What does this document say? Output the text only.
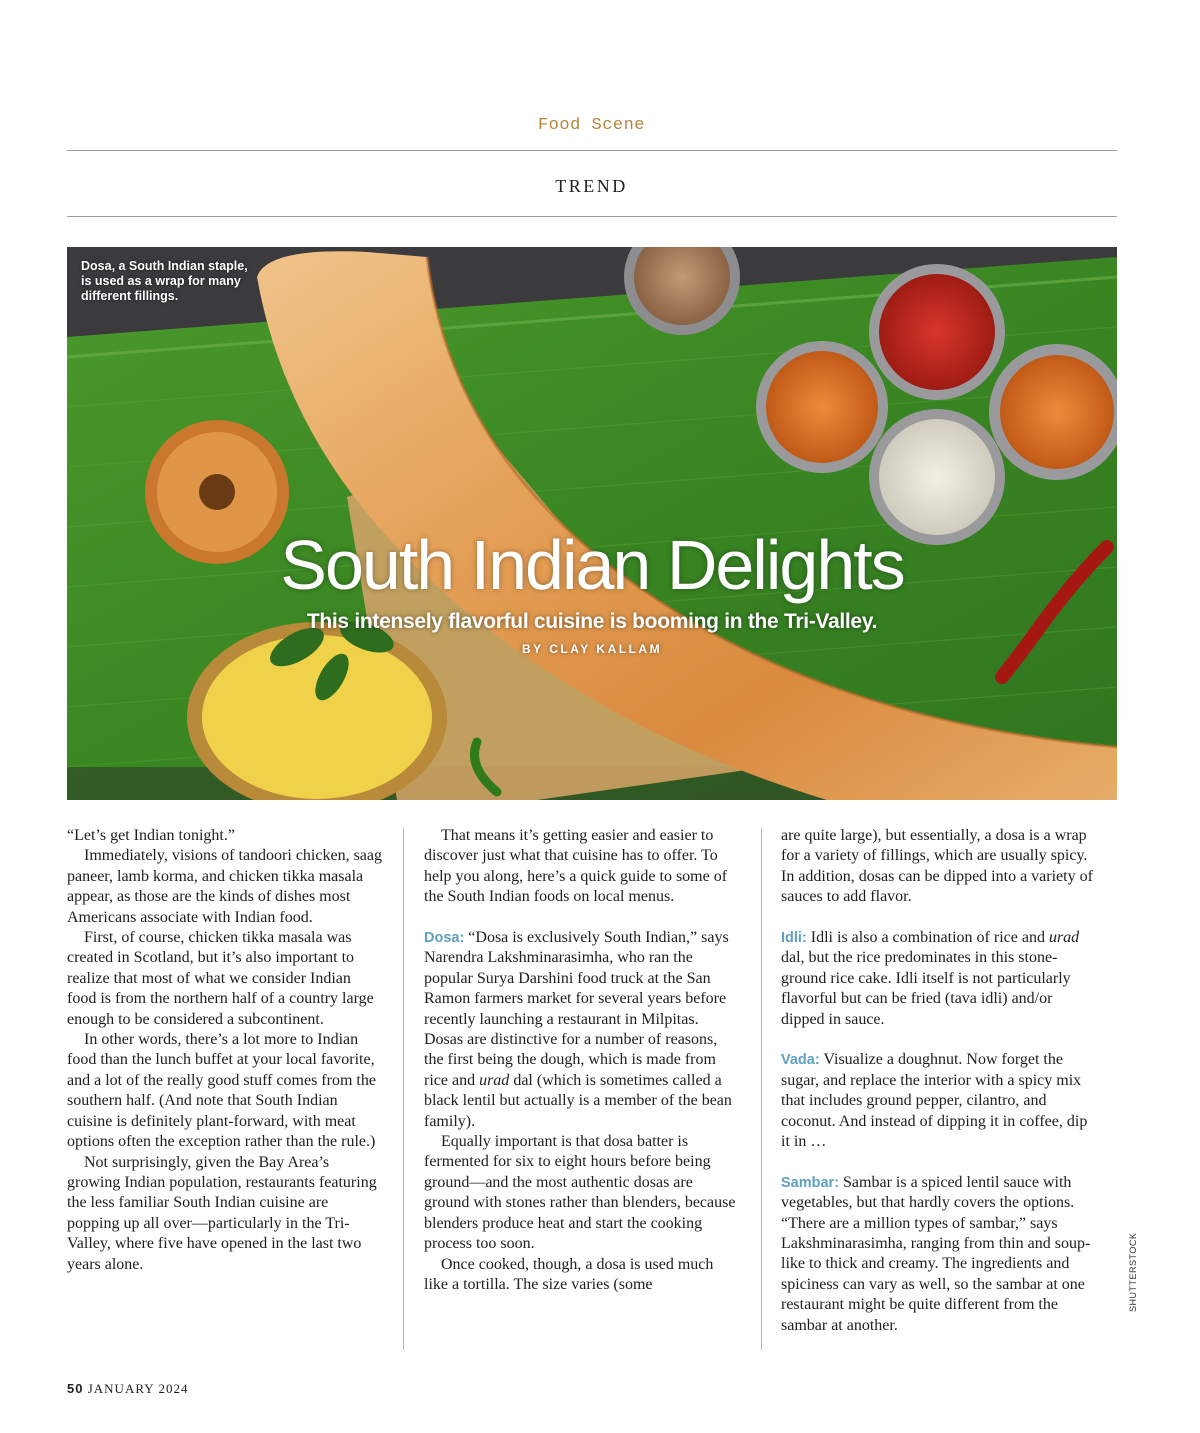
Food Scene
TREND
Dosa, a South Indian staple, is used as a wrap for many different fillings.
South Indian Delights
This intensely flavorful cuisine is booming in the Tri-Valley.
BY CLAY KALLAM

“Let’s get Indian tonight.”

Immediately, visions of tandoori chicken, saag paneer, lamb korma, and chicken tikka masala appear, as those are the kinds of dishes most Americans associate with Indian food.

First, of course, chicken tikka masala was created in Scotland, but it’s also important to realize that most of what we consider Indian food is from the northern half of a country large enough to be considered a subcontinent.

In other words, there’s a lot more to Indian food than the lunch buffet at your local favorite, and a lot of the really good stuff comes from the southern half. (And note that South Indian cuisine is definitely plant-forward, with meat options often the exception rather than the rule.)

Not surprisingly, given the Bay Area’s growing Indian population, restaurants featuring the less familiar South Indian cuisine are popping up all over—particularly in the Tri-Valley, where five have opened in the last two years alone.

That means it’s getting easier and easier to discover just what that cuisine has to offer. To help you along, here’s a quick guide to some of the South Indian foods on local menus.

Dosa: “Dosa is exclusively South Indian,” says Narendra Lakshminarasimha, who ran the popular Surya Darshini food truck at the San Ramon farmers market for several years before recently launching a restaurant in Milpitas. Dosas are distinctive for a number of reasons, the first being the dough, which is made from rice and urad dal (which is sometimes called a black lentil but actually is a member of the bean family).

Equally important is that dosa batter is fermented for six to eight hours before being ground—and the most authentic dosas are ground with stones rather than blenders, because blenders produce heat and start the cooking process too soon.

Once cooked, though, a dosa is used much like a tortilla. The size varies (some

are quite large), but essentially, a dosa is a wrap for a variety of fillings, which are usually spicy. In addition, dosas can be dipped into a variety of sauces to add flavor.

Idli: Idli is also a combination of rice and urad dal, but the rice predominates in this stone-ground rice cake. Idli itself is not particularly flavorful but can be fried (tava idli) and/or dipped in sauce.

Vada: Visualize a doughnut. Now forget the sugar, and replace the interior with a spicy mix that includes ground pepper, cilantro, and coconut. And instead of dipping it in coffee, dip it in …

Sambar: Sambar is a spiced lentil sauce with vegetables, but that hardly covers the options. “There are a million types of sambar,” says Lakshminarasimha, ranging from thin and soup-like to thick and creamy. The ingredients and spiciness can vary as well, so the sambar at one restaurant might be quite different from the sambar at another.

SHUTTERSTOCK
50 JANUARY 2024
